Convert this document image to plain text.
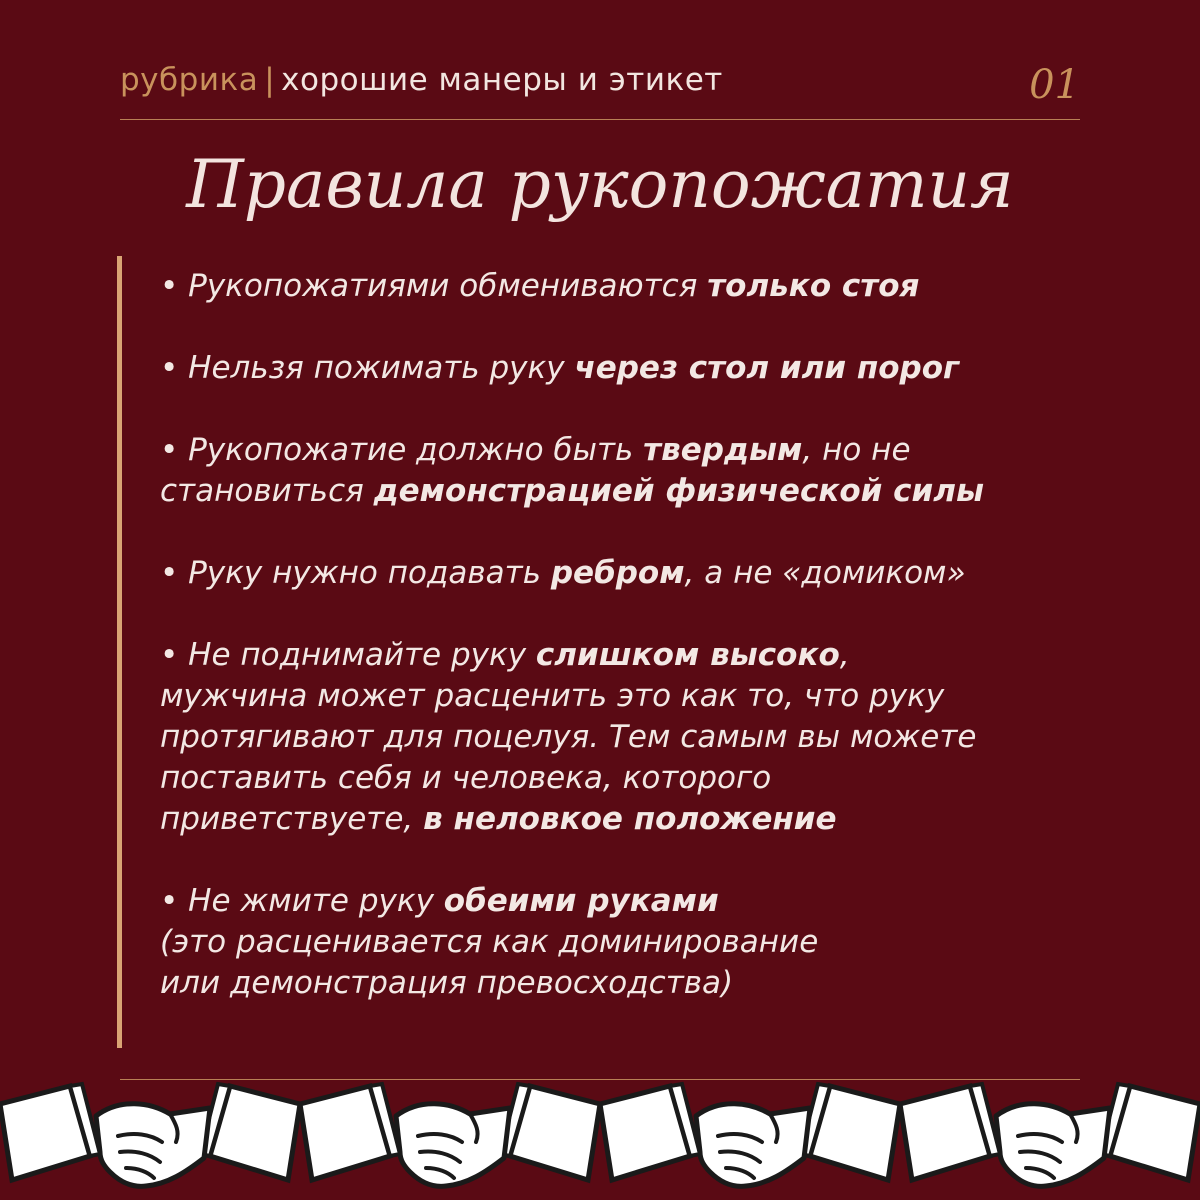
рубрика | хорошие манеры и этикет	01
Правила рукопожатия
• Рукопожатиями обмениваются только стоя
• Нельзя пожимать руку через стол или порог
• Рукопожатие должно быть твердым, но не
становиться демонстрацией физической силы
• Руку нужно подавать ребром, а не «домиком»
• Не поднимайте руку слишком высоко,
мужчина может расценить это как то, что руку
протягивают для поцелуя. Тем самым вы можете
поставить себя и человека, которого
приветствуете, в неловкое положение
• Не жмите руку обеими руками
(это расценивается как доминирование
или демонстрация превосходства)
